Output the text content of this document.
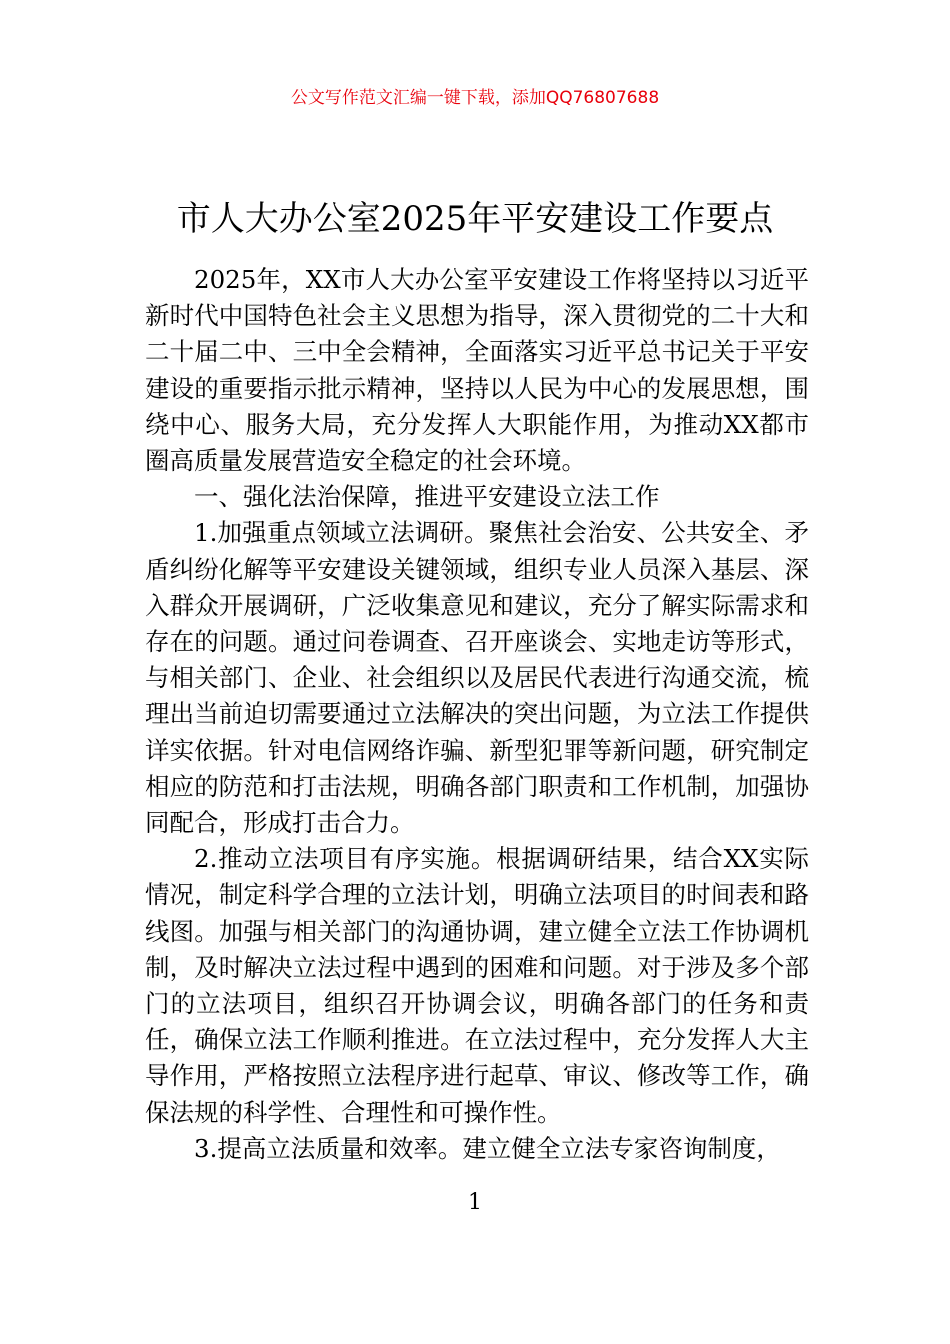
公文写作范文汇编一键下载，添加QQ76807688
市人大办公室2025年平安建设工作要点

2025年，XX市人大办公室平安建设工作将坚持以习近平新时代中国特色社会主义思想为指导，深入贯彻党的二十大和二十届二中、三中全会精神，全面落实习近平总书记关于平安建设的重要指示批示精神，坚持以人民为中心的发展思想，围绕中心、服务大局，充分发挥人大职能作用，为推动XX都市圈高质量发展营造安全稳定的社会环境。

一、强化法治保障，推进平安建设立法工作

1.加强重点领域立法调研。聚焦社会治安、公共安全、矛盾纠纷化解等平安建设关键领域，组织专业人员深入基层、深入群众开展调研，广泛收集意见和建议，充分了解实际需求和存在的问题。通过问卷调查、召开座谈会、实地走访等形式，与相关部门、企业、社会组织以及居民代表进行沟通交流，梳理出当前迫切需要通过立法解决的突出问题，为立法工作提供详实依据。针对电信网络诈骗、新型犯罪等新问题，研究制定相应的防范和打击法规，明确各部门职责和工作机制，加强协同配合，形成打击合力。

2.推动立法项目有序实施。根据调研结果，结合XX实际情况，制定科学合理的立法计划，明确立法项目的时间表和路线图。加强与相关部门的沟通协调，建立健全立法工作协调机制，及时解决立法过程中遇到的困难和问题。对于涉及多个部门的立法项目，组织召开协调会议，明确各部门的任务和责任，确保立法工作顺利推进。在立法过程中，充分发挥人大主导作用，严格按照立法程序进行起草、审议、修改等工作，确保法规的科学性、合理性和可操作性。

3.提高立法质量和效率。建立健全立法专家咨询制度，

1
